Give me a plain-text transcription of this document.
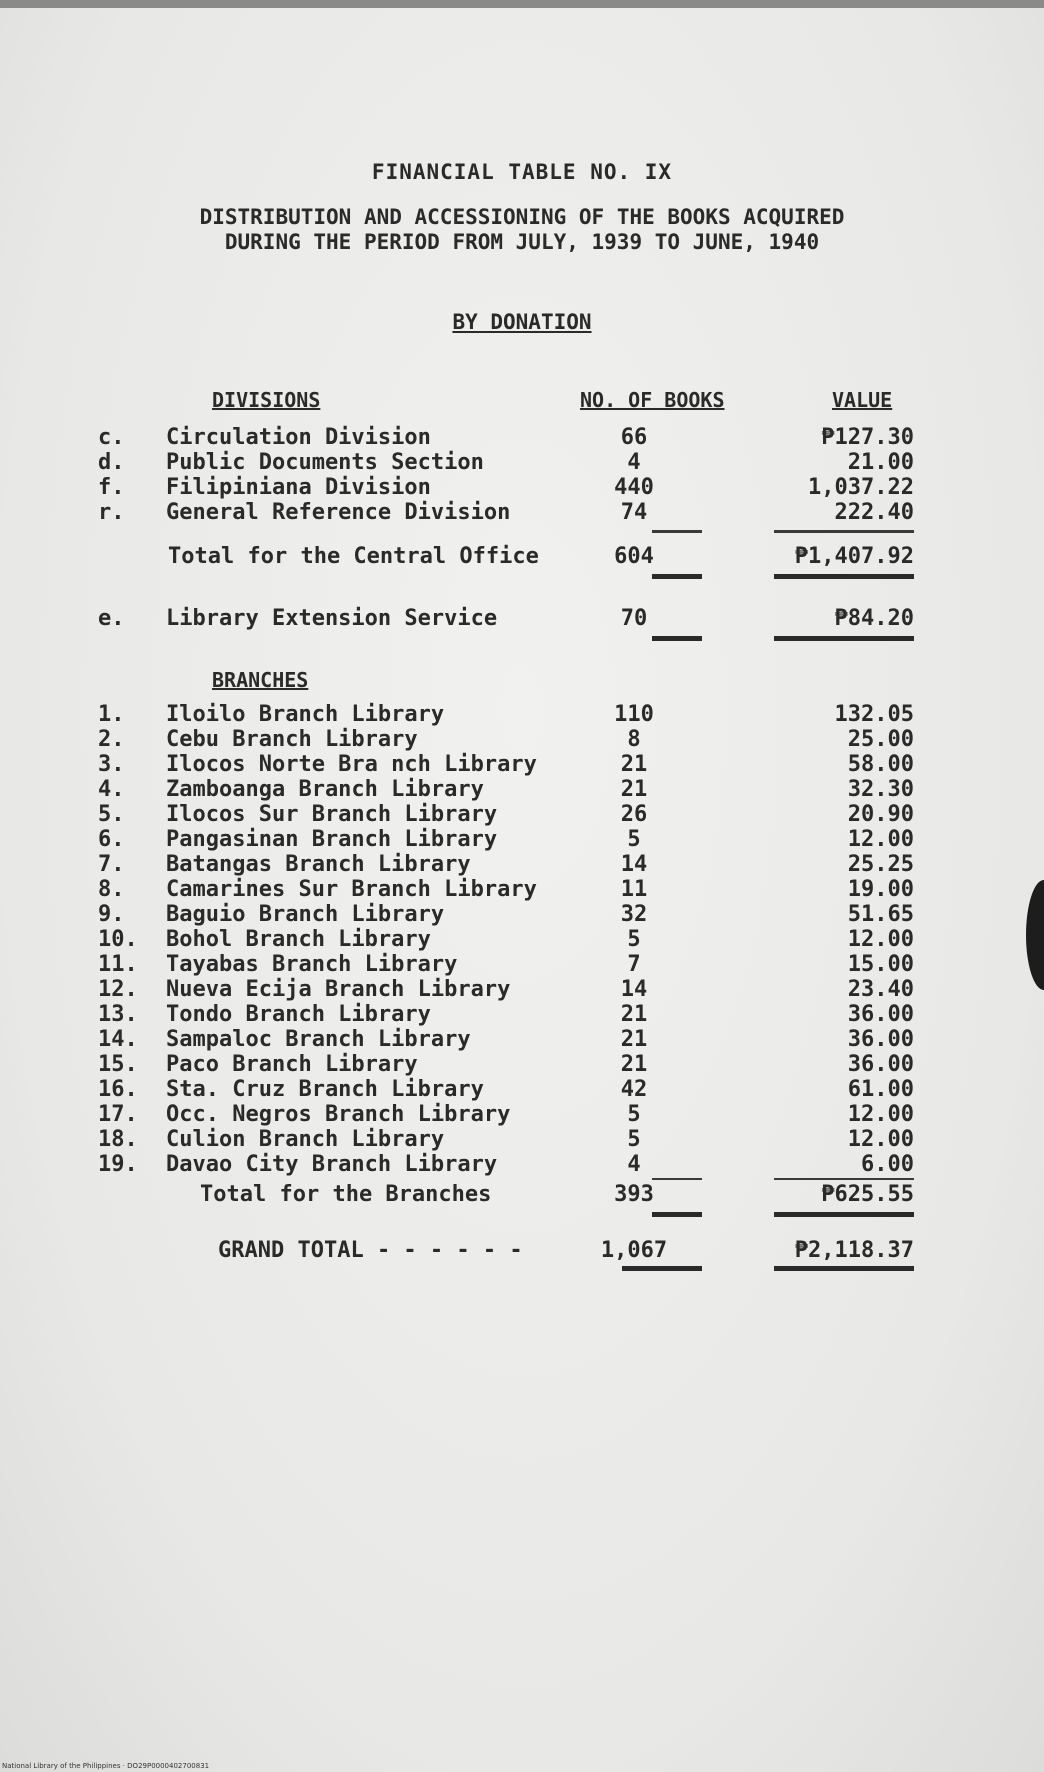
FINANCIAL TABLE NO. IX
DISTRIBUTION AND ACCESSIONING OF THE BOOKS ACQUIRED
DURING THE PERIOD FROM JULY, 1939 TO JUNE, 1940
BY DONATION
DIVISIONS	NO. OF BOOKS	VALUE
c.	Circulation Division	66	₱127.30
d.	Public Documents Section	4	21.00
f.	Filipiniana Division	440	1,037.22
r.	General Reference Division	74	222.40
Total for the Central Office	604	₱1,407.92
e.	Library Extension Service	70	₱84.20
BRANCHES
1.	Iloilo Branch Library	110	132.05
2.	Cebu Branch Library	8	25.00
3.	Ilocos Norte Bra nch Library	21	58.00
4.	Zamboanga Branch Library	21	32.30
5.	Ilocos Sur Branch Library	26	20.90
6.	Pangasinan Branch Library	5	12.00
7.	Batangas Branch Library	14	25.25
8.	Camarines Sur Branch Library	11	19.00
9.	Baguio Branch Library	32	51.65
10.	Bohol Branch Library	5	12.00
11.	Tayabas Branch Library	7	15.00
12.	Nueva Ecija Branch Library	14	23.40
13.	Tondo Branch Library	21	36.00
14.	Sampaloc Branch Library	21	36.00
15.	Paco Branch Library	21	36.00
16.	Sta. Cruz Branch Library	42	61.00
17.	Occ. Negros Branch Library	5	12.00
18.	Culion Branch Library	5	12.00
19.	Davao City Branch Library	4	6.00
Total for the Branches	393	₱625.55
GRAND TOTAL - - - - - -	1,067	₱2,118.37
National Library of the Philippines · DO29P0000402700831
